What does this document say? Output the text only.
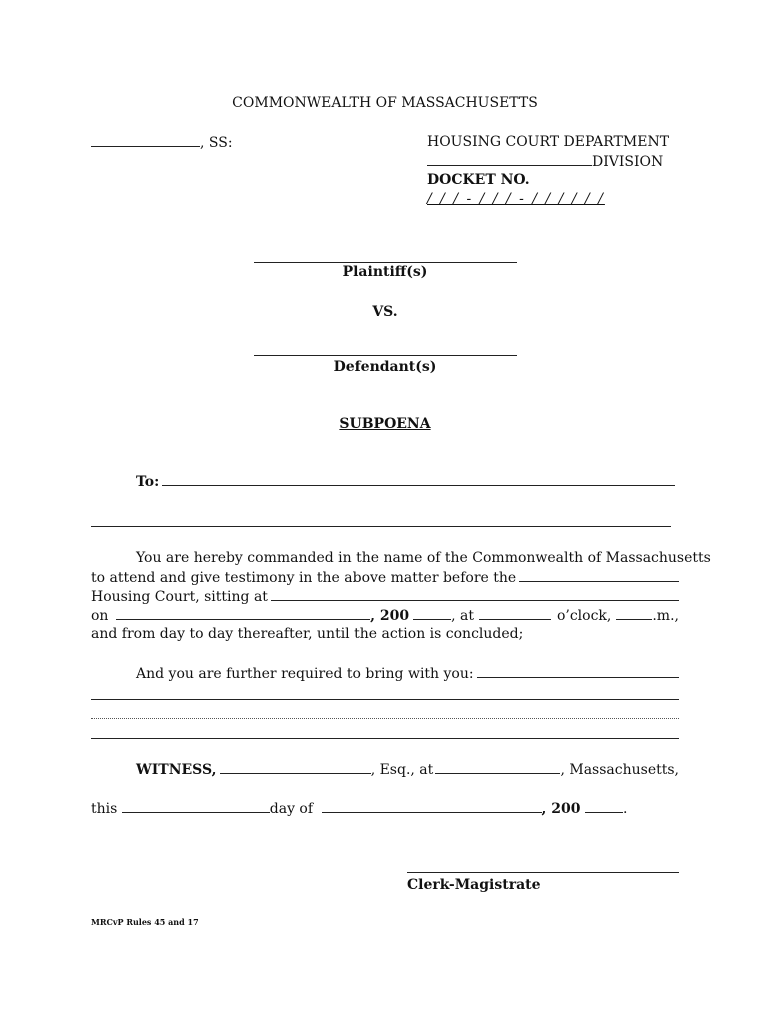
COMMONWEALTH OF MASSACHUSETTS
, SS:	HOUSING COURT DEPARTMENT
DIVISION
DOCKET NO.
/ / / - / / / - / / / / / /
Plaintiff(s)
VS.
Defendant(s)
SUBPOENA
To:
You are hereby commanded in the name of the Commonwealth of Massachusetts
to attend and give testimony in the above matter before the
Housing Court, sitting at
on	, 200	, at	o’clock,	.m.,
and from day to day thereafter, until the action is concluded;
And you are further required to bring with you:
WITNESS,	, Esq., at	, Massachusetts,
this	day of	, 200	.
Clerk-Magistrate
MRCvP Rules 45 and 17
